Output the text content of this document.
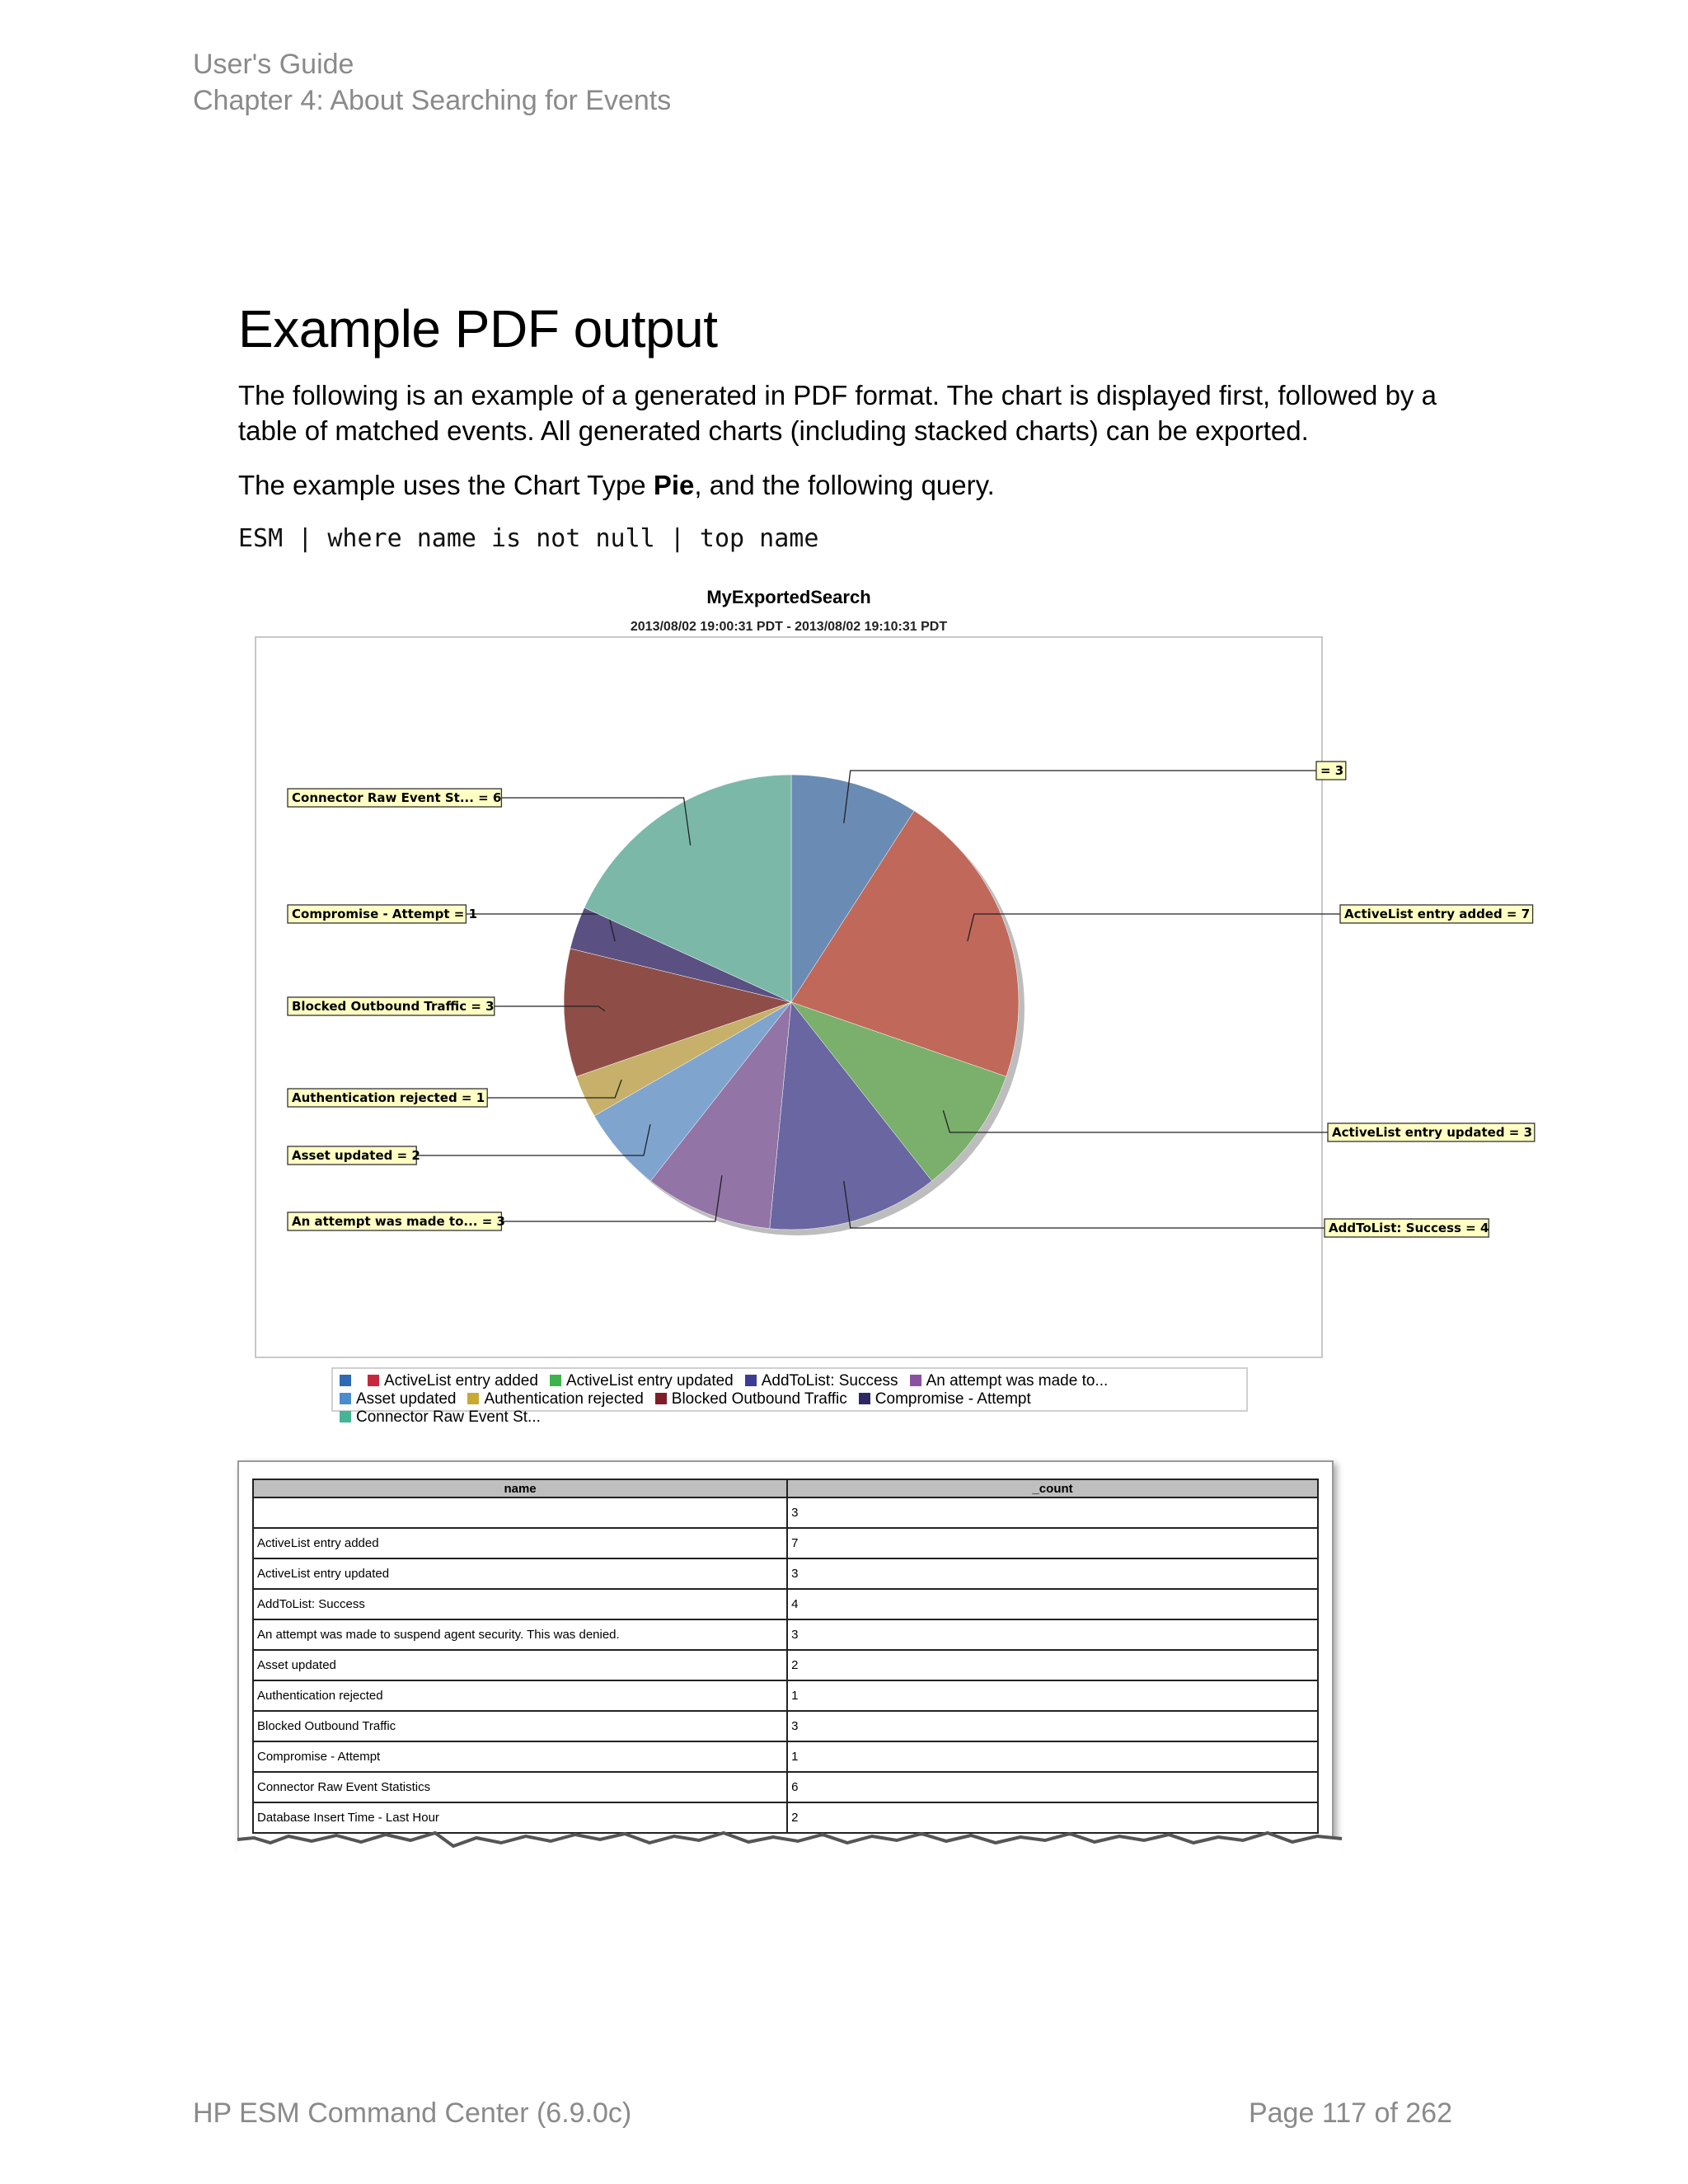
User's Guide
Chapter 4: About Searching for Events
Example PDF output

The following is an example of a generated in PDF format. The chart is displayed first, followed by a table of matched events. All generated charts (including stacked charts) can be exported.

The example uses the Chart Type Pie, and the following query.

ESM | where name is not null | top name
MyExportedSearch
2013/08/02 19:00:31 PDT - 2013/08/02 19:10:31 PDT
= 3
ActiveList entry added = 7
ActiveList entry updated = 3
AddToList: Success = 4
An attempt was made to... = 3
Asset updated = 2
Authentication rejected = 1
Blocked Outbound Traffic = 3
Compromise - Attempt = 1
Connector Raw Event St... = 6
ActiveList entry added ActiveList entry updated AddToList: Success An attempt was made to...Asset updated Authentication rejected Blocked Outbound Traffic Compromise - AttemptConnector Raw Event St...
name	_count
	3
ActiveList entry added	7
ActiveList entry updated	3
AddToList: Success	4
An attempt was made to suspend agent security. This was denied.	3
Asset updated	2
Authentication rejected	1
Blocked Outbound Traffic	3
Compromise - Attempt	1
Connector Raw Event Statistics	6
Database Insert Time - Last Hour	2
HP ESM Command Center (6.9.0c)	Page 117 of 262
